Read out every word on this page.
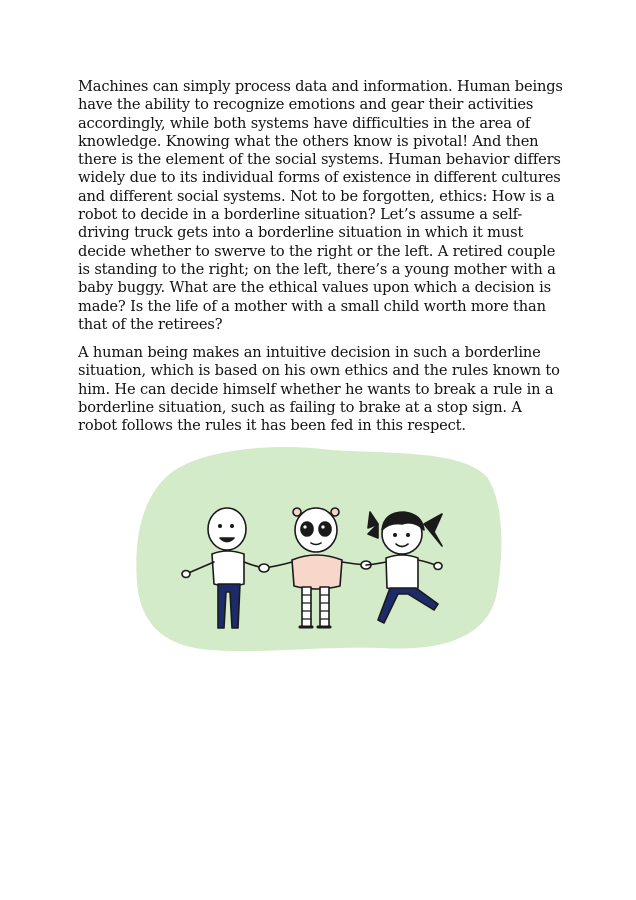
Machines can simply process data and information. Human beings have the ability to recognize emotions and gear their activities accordingly, while both systems have difficulties in the area of knowledge. Knowing what the others know is pivotal! And then there is the element of the social systems. Human behavior differs widely due to its individual forms of existence in different cultures and different social systems. Not to be forgotten, ethics: How is a robot to decide in a borderline situation? Let’s assume a self-driving truck gets into a borderline situation in which it must decide whether to swerve to the right or the left. A retired couple is standing to the right; on the left, there’s a young mother with a baby buggy. What are the ethical values upon which a decision is made? Is the life of a mother with a small child worth more than that of the retirees?

A human being makes an intuitive decision in such a borderline situation, which is based on his own ethics and the rules known to him. He can decide himself whether he wants to break a rule in a borderline situation, such as failing to brake at a stop sign. A robot follows the rules it has been fed in this respect.
